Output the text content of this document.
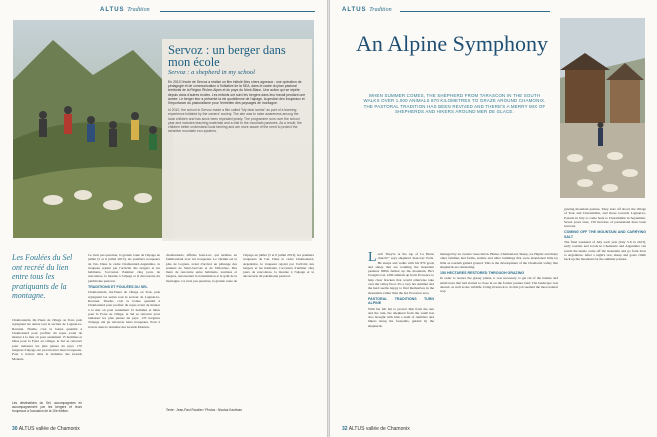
ALTUS Tradition
Servoz : un berger dans mon école
Servoz : a shepherd in my school

En 2010 l'école de Servoz a réalisé un film intitulé Mes chers agneaux : une opération de pédagogie et de communication à l'initiative de la SEA, dans le cadre du plan pastoral territorial de la Région Rhône-Alpes et du pays du Mont-Blanc. Une action qui se répète depuis dans d'autres écoles. Les enfants ont suivi les bergers dans leur travail pendant une année. Le berger leur a présenté la vie quotidienne de l'alpage, la gestion des troupeaux et l'importance du pastoralisme pour l'entretien des paysages de montagne.

In 2010, the school in Servoz made a film called “My dear lambs” as part of a learning experience initiated by the owners' society. The aim was to raise awareness among the local children and has since been repeated yearly. The programme runs over the school year and includes teaching materials and a visit to the mountain pastures. As a result, the children better understand local farming and are more aware of the need to protect the sensitive mountain eco-systems.

Les Foulées du Sel ont recréé du lien entre tous les pratiquants de la montagne.
Chamoniards, mi-Vieux de village ou Tour, puis rejoignent les autres tout le secteur de Lognan-la-Ravanel. Tinelle, c'est la bonne quantité à Chamoniard pour profiter du repas avant de monter à la mer où pour seulement 15 hommes et bêtes pour la Foire au village, le Sel se retrouve pour ramasser les plus jeunes du pays. 170 bergères d'alpage ont pu retrouver leurs troupeaux. Pour à travers dans le domaine des Grands Montets.
Les destinations du Sel, accompagnées en accompagnement par les bergers et leurs troupeaux à l'occasion de la 10e édition.
Ce n'est pas question, la grande route de l'alpage en juillet (5 et 6 juillet 2013), les premiers troupeaux de l'an. Dans le cadre Chamoniard-Argentière, le troupeau rejoint par l'activité des bergers et les habitants, l'occasion d'animer cinq jours de rencontres, la montée à l'alpage et la découverte du patrimoine pastoral.
TRADITIONS ET FOULÉES DU SEL
Chamoniards, mi-Vieux de village ou Tour, puis rejoignent les autres tout le secteur de Lognan-la-Ravanel. Tinelle, c'est la bonne quantité à Chamoniard pour profiter du repas avant de monter à la mer où pour seulement 15 hommes et bêtes pour la Foire au village, le Sel se retrouve pour ramasser les plus jeunes du pays. 170 bergères d'alpage ont pu retrouver leurs troupeaux. Pour à travers dans le domaine des Grands Montets.
chamoniards, affirme Jean-Luc, qui termine en familiarisant avec les troupeaux. Le chemin est la plus de Lognan, avant d'arriver en pâturage des sentiers de Saint-Gervais et de Vallorcine. Des lieux de rencontre entre habitants, touristes et bergers, renouvelant la transmission et le goût de la montagne. Ce n'est pas question, la grande route de l'alpage en juillet (5 et 6 juillet 2013), les premiers troupeaux de l'an. Dans le cadre Chamoniard-Argentière, le troupeau rejoint par l'activité des bergers et les habitants, l'occasion d'animer cinq jours de rencontres, la montée à l'alpage et la découverte du patrimoine pastoral.
Texte : Jean-Paul Roudier / Photos : Nicolas Kaufman
30 ALTUS vallée de Chamonix
ALTUS Tradition
An Alpine Symphony
WHEN SUMMER COMES, THE SHEPHERD FROM TARASCON IN THE SOUTH WALKS OVER 1,000 ANIMALS 870 KILOMETRES TO GRAZE AROUND CHAMONIX. THE PASTORAL TRADITION HAS BEEN REVIVED AND THERE'S A MERRY MIX OF SHEPHERDS AND HIKERS AROUND MER DE GLACE.
L ord! They're at the top of La Herse church!” says shepherd Jean-Luc Paris. He sleeps and walks with his 870 goats and sheep that are roaming the mountain pastures 600m further up the mountain. He's brought over 1200 animals up from Provence to help clear bracken that would otherwise take over the valley floor. It's a very hot summer and the herd seems happy to find themselves in the mountains rather than the hot Provence area.
PASTORAL TRADITIONS TURN ALPINE
With his felt hat to protect him from the sun and the rain, the shepherd from the south has also brought with him a team of ramblers and hikers along the footpaths, guided by the shepherds.
managed by an owners' association. Blaise, Chamoniard, Sheep, Lu Hapler and many other families had farms, stables and other buildings that were abandoned little by little as tourism gained ground. This is the development of the Chamonix valley that shepherds are reinstating.
150 HECTARES RESTORED THROUGH GRAZING
In order to restore the grassy plains, it was necessary to get rid of the bushes and small trees that had started to close in on the former pasture land. The landscape was altered, as well as the wildlife. Using livestock to do this job seemed the most natural way.
grazing mountain pasture. They start off above the village of Tour and Charamillon, and move towards Lognan-la-Ponatte in July to come back to Charamillon in September. Seven years later, 150 hectares of pastureland have been restored.
COMING OFF THE MOUNTAIN AND CARRYING SALT
The final weekend of July each year (July 5-6 in 2013), early tourists and locals in Chamonix and Argentière can watch the bustle come off the mountain and go from Tour to Argentière. After a night's rest, sheep and goats climb back up the mountain for the summer pasture.
32 ALTUS vallée de Chamonix
